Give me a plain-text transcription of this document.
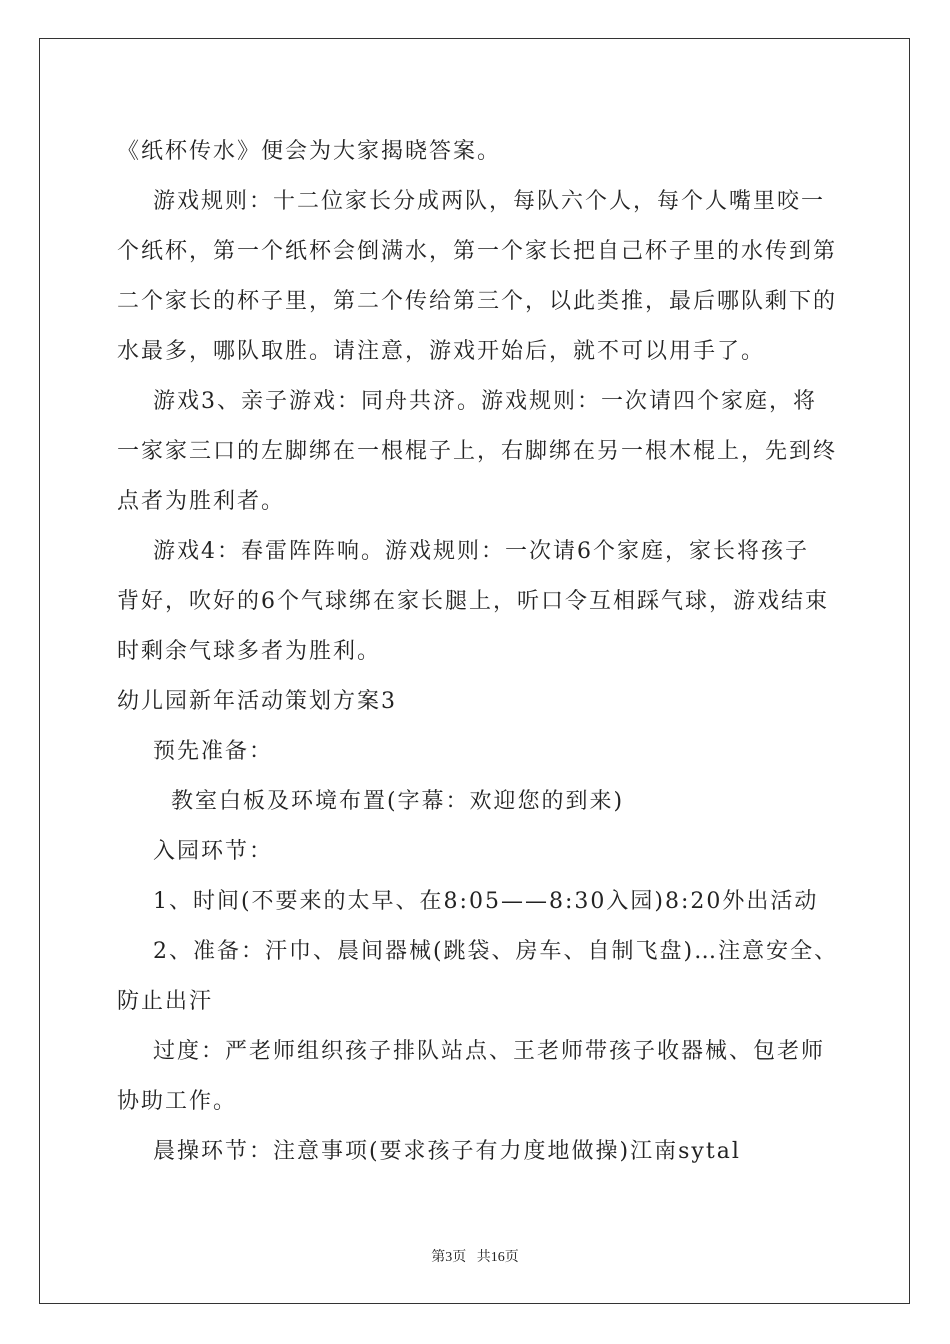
《纸杯传水》便会为大家揭晓答案。
游戏规则：十二位家长分成两队，每队六个人，每个人嘴里咬一
个纸杯，第一个纸杯会倒满水，第一个家长把自己杯子里的水传到第
二个家长的杯子里，第二个传给第三个，以此类推，最后哪队剩下的
水最多，哪队取胜。请注意，游戏开始后，就不可以用手了。
游戏3、亲子游戏：同舟共济。游戏规则：一次请四个家庭，将
一家家三口的左脚绑在一根棍子上，右脚绑在另一根木棍上，先到终
点者为胜利者。
游戏4：春雷阵阵响。游戏规则：一次请6个家庭，家长将孩子
背好，吹好的6个气球绑在家长腿上，听口令互相踩气球，游戏结束
时剩余气球多者为胜利。
幼儿园新年活动策划方案3
预先准备：
教室白板及环境布置(字幕：欢迎您的到来)
入园环节：
1、时间(不要来的太早、在8:05——8:30入园)8:20外出活动
2、准备：汗巾、晨间器械(跳袋、房车、自制飞盘)…注意安全、
防止出汗
过度：严老师组织孩子排队站点、王老师带孩子收器械、包老师
协助工作。
晨操环节：注意事项(要求孩子有力度地做操)江南sytal
第3页   共16页
